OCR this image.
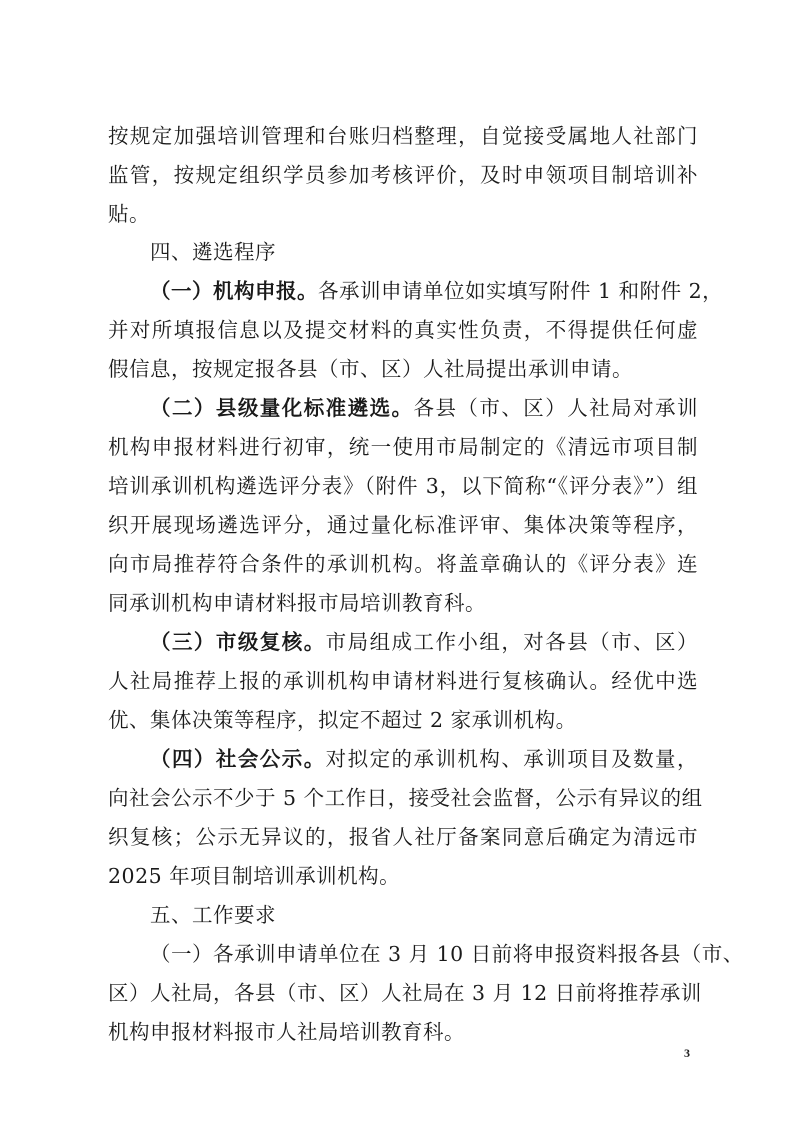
按规定加强培训管理和台账归档整理，自觉接受属地人社部门
监管，按规定组织学员参加考核评价，及时申领项目制培训补
贴。
四、遴选程序
（一）机构申报。各承训申请单位如实填写附件 1 和附件 2，
并对所填报信息以及提交材料的真实性负责，不得提供任何虚
假信息，按规定报各县（市、区）人社局提出承训申请。
（二）县级量化标准遴选。各县（市、区）人社局对承训
机构申报材料进行初审，统一使用市局制定的《清远市项目制
培训承训机构遴选评分表》（附件 3，以下简称“《评分表》”）组
织开展现场遴选评分，通过量化标准评审、集体决策等程序，
向市局推荐符合条件的承训机构。将盖章确认的《评分表》连
同承训机构申请材料报市局培训教育科。
（三）市级复核。市局组成工作小组，对各县（市、区）
人社局推荐上报的承训机构申请材料进行复核确认。经优中选
优、集体决策等程序，拟定不超过 2 家承训机构。
（四）社会公示。对拟定的承训机构、承训项目及数量，
向社会公示不少于 5 个工作日，接受社会监督，公示有异议的组
织复核；公示无异议的，报省人社厅备案同意后确定为清远市
2025 年项目制培训承训机构。
五、工作要求
（一）各承训申请单位在 3 月 10 日前将申报资料报各县（市、
区）人社局，各县（市、区）人社局在 3 月 12 日前将推荐承训
机构申报材料报市人社局培训教育科。
3
